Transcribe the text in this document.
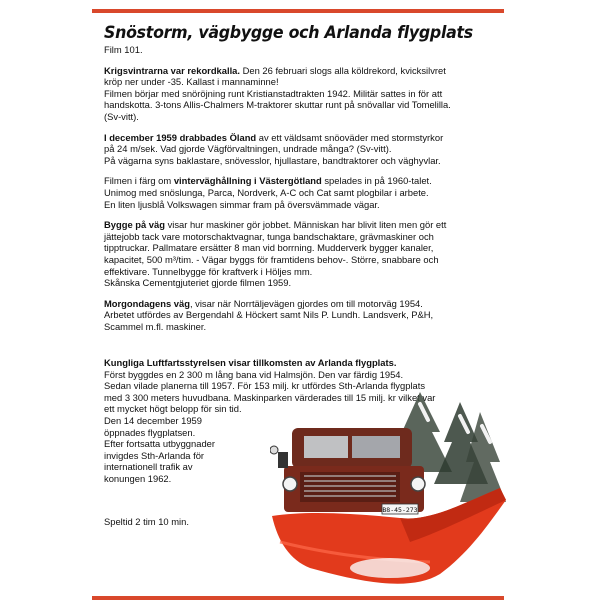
Snöstorm, vägbygge och Arlanda flygplats
Film 101.

Krigsvintrarna var rekordkalla. Den 26 februari slogs alla köldrekord, kvicksilvret

kröp ner under -35. Kallast i mannaminne!

Filmen börjar med snöröjning runt Kristianstadtrakten 1942. Militär sattes in för att

handskotta. 3-tons Allis-Chalmers M-traktorer skuttar runt på snövallar vid Tomelilla.

(Sv-vitt).

I december 1959 drabbades Öland av ett väldsamt snöoväder med stormstyrkor

på 24 m/sek. Vad gjorde Vägförvaltningen, undrade många? (Sv-vitt).

På vägarna syns baklastare, snövesslor, hjullastare, bandtraktorer och väghyvlar.

Filmen i färg om vinterväghållning i Västergötland spelades in på 1960-talet.

Unimog med snöslunga, Parca, Nordverk, A-C och Cat samt plogbilar i arbete.

En liten ljusblå Volkswagen simmar fram på översvämmade vägar.

Bygge på väg visar hur maskiner gör jobbet. Människan har blivit liten men gör ett

jättejobb tack vare motorschaktvagnar, tunga bandschaktare, grävmaskiner och

tipptruckar. Pallmatare ersätter 8 man vid borrning. Mudderverk bygger kanaler,

kapacitet, 500 m³/tim. - Vägar byggs för framtidens behov-. Större, snabbare och

effektivare. Tunnelbygge för kraftverk i Höljes mm.

Skånska Cementgjuteriet gjorde filmen 1959.

Morgondagens väg, visar när Norrtäljevägen gjordes om till motorväg 1954.

Arbetet utfördes av Bergendahl & Höckert samt Nils P. Lundh. Landsverk, P&H,

Scammel m.fl. maskiner.

Kungliga Luftfartsstyrelsen visar tillkomsten av Arlanda flygplats.

Först byggdes en 2 300 m lång bana vid Halmsjön. Den var färdig 1954.

Sedan vilade planerna till 1957. För 153 milj. kr utfördes Sth-Arlanda flygplats

med 3 300 meters huvudbana. Maskinparken värderades till 15 milj. kr vilket var

ett mycket högt belopp för sin tid.

Den 14 december 1959

öppnades flygplatsen.

Efter fortsatta utbyggnader

invigdes Sth-Arlanda för

internationell trafik av

konungen 1962.

Speltid 2 tim 10 min.
B8-45-273
